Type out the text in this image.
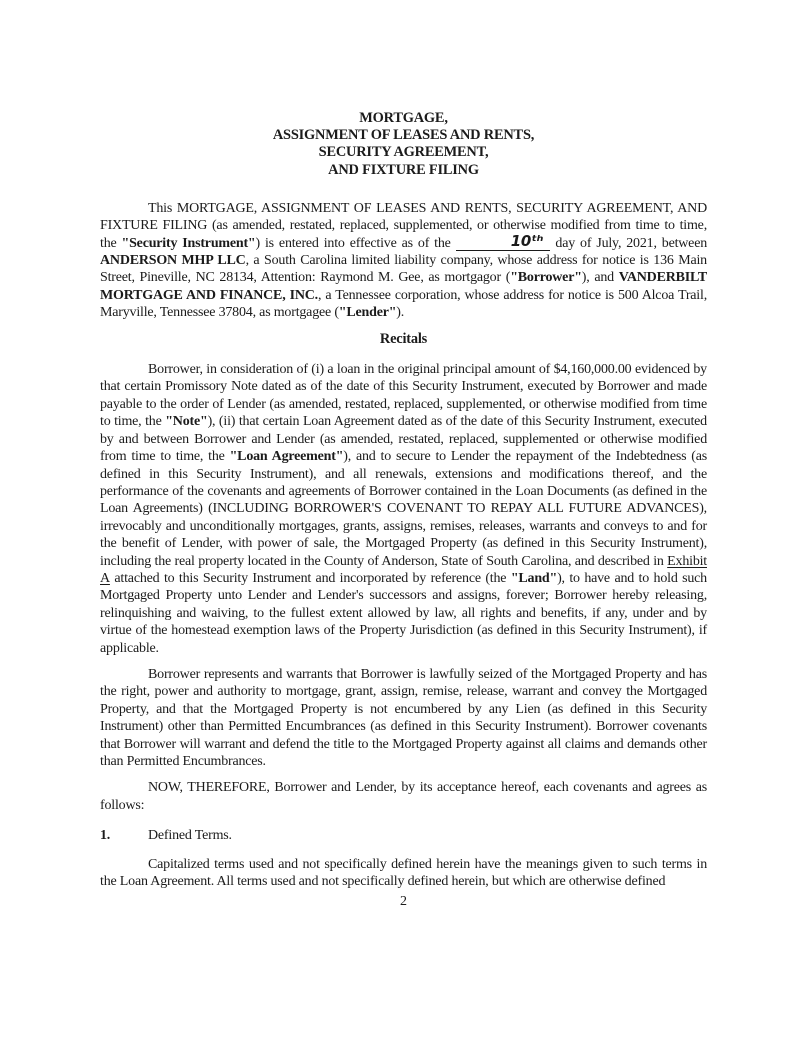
MORTGAGE,
ASSIGNMENT OF LEASES AND RENTS,
SECURITY AGREEMENT,
AND FIXTURE FILING

This MORTGAGE, ASSIGNMENT OF LEASES AND RENTS, SECURITY AGREEMENT, AND FIXTURE FILING (as amended, restated, replaced, supplemented, or otherwise modified from time to time, the "Security Instrument") is entered into effective as of the	10ᵗʰ day of July, 2021, between ANDERSON MHP LLC, a South Carolina limited liability company, whose address for notice is 136 Main Street, Pineville, NC 28134, Attention: Raymond M. Gee, as mortgagor ("Borrower"), and VANDERBILT MORTGAGE AND FINANCE, INC., a Tennessee corporation, whose address for notice is 500 Alcoa Trail, Maryville, Tennessee 37804, as mortgagee ("Lender").

Recitals

Borrower, in consideration of (i) a loan in the original principal amount of $4,160,000.00 evidenced by that certain Promissory Note dated as of the date of this Security Instrument, executed by Borrower and made payable to the order of Lender (as amended, restated, replaced, supplemented, or otherwise modified from time to time, the "Note"), (ii) that certain Loan Agreement dated as of the date of this Security Instrument, executed by and between Borrower and Lender (as amended, restated, replaced, supplemented or otherwise modified from time to time, the "Loan Agreement"), and to secure to Lender the repayment of the Indebtedness (as defined in this Security Instrument), and all renewals, extensions and modifications thereof, and the performance of the covenants and agreements of Borrower contained in the Loan Documents (as defined in the Loan Agreements) (INCLUDING BORROWER'S COVENANT TO REPAY ALL FUTURE ADVANCES), irrevocably and unconditionally mortgages, grants, assigns, remises, releases, warrants and conveys to and for the benefit of Lender, with power of sale, the Mortgaged Property (as defined in this Security Instrument), including the real property located in the County of Anderson, State of South Carolina, and described in Exhibit A attached to this Security Instrument and incorporated by reference (the "Land"), to have and to hold such Mortgaged Property unto Lender and Lender's successors and assigns, forever; Borrower hereby releasing, relinquishing and waiving, to the fullest extent allowed by law, all rights and benefits, if any, under and by virtue of the homestead exemption laws of the Property Jurisdiction (as defined in this Security Instrument), if applicable.

Borrower represents and warrants that Borrower is lawfully seized of the Mortgaged Property and has the right, power and authority to mortgage, grant, assign, remise, release, warrant and convey the Mortgaged Property, and that the Mortgaged Property is not encumbered by any Lien (as defined in this Security Instrument) other than Permitted Encumbrances (as defined in this Security Instrument). Borrower covenants that Borrower will warrant and defend the title to the Mortgaged Property against all claims and demands other than Permitted Encumbrances.

NOW, THEREFORE, Borrower and Lender, by its acceptance hereof, each covenants and agrees as follows:

1.	Defined Terms.

Capitalized terms used and not specifically defined herein have the meanings given to such terms in the Loan Agreement. All terms used and not specifically defined herein, but which are otherwise defined

2
